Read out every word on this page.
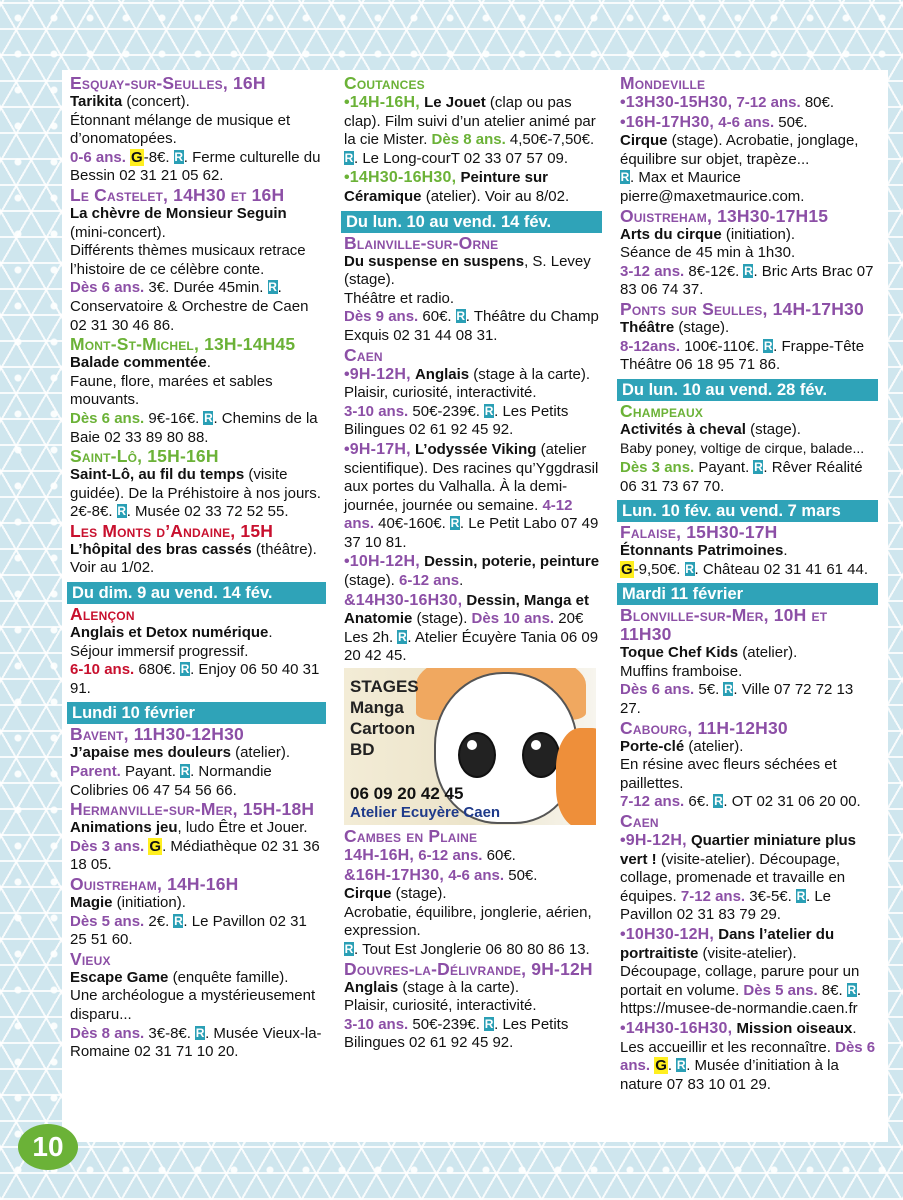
Esquay-sur-Seulles, 16H
Tarikita (concert).
Étonnant mélange de musique et d’onomatopées.
0-6 ans. G-8€. R. Ferme culturelle du Bessin 02 31 21 05 62.
Le Castelet, 14H30 et 16H
La chèvre de Monsieur Seguin (mini-concert).
Différents thèmes musicaux retrace l’histoire de ce célèbre conte.
Dès 6 ans. 3€. Durée 45min. R. Conservatoire & Orchestre de Caen 02 31 30 46 86.
Mont-St-Michel, 13H-14H45
Balade commentée.
Faune, flore, marées et sables mouvants.
Dès 6 ans. 9€-16€. R. Chemins de la Baie 02 33 89 80 88.
Saint-Lô, 15H-16H
Saint-Lô, au fil du temps (visite guidée). De la Préhistoire à nos jours. 2€-8€. R. Musée 02 33 72 52 55.
Les Monts d’Andaine, 15H
L’hôpital des bras cassés (théâtre). Voir au 1/02.
Du dim. 9 au vend. 14 fév.
Alençon
Anglais et Detox numérique.
Séjour immersif progressif.
6-10 ans. 680€. R. Enjoy 06 50 40 31 91.
Lundi 10 février
Bavent, 11H30-12H30
J’apaise mes douleurs (atelier).
Parent. Payant. R. Normandie Colibries 06 47 54 56 66.
Hermanville-sur-Mer, 15H-18H
Animations jeu, ludo Être et Jouer.
Dès 3 ans. G. Médiathèque 02 31 36 18 05.
Ouistreham, 14H-16H
Magie (initiation).
Dès 5 ans. 2€. R. Le Pavillon 02 31 25 51 60.
Vieux
Escape Game (enquête famille).
Une archéologue a mystérieusement disparu...
Dès 8 ans. 3€-8€. R. Musée Vieux-la-Romaine 02 31 71 10 20.
Coutances
•14H-16H, Le Jouet (clap ou pas clap). Film suivi d’un atelier animé par la cie Mister. Dès 8 ans. 4,50€-7,50€. R. Le Long-courT 02 33 07 57 09.
•14H30-16H30, Peinture sur Céramique (atelier). Voir au 8/02.
Du lun. 10 au vend. 14 fév.
Blainville-sur-Orne
Du suspense en suspens, S. Levey (stage).
Théâtre et radio.
Dès 9 ans. 60€. R. Théâtre du Champ Exquis 02 31 44 08 31.
Caen
•9H-12H, Anglais (stage à la carte). Plaisir, curiosité, interactivité.
3-10 ans. 50€-239€. R. Les Petits Bilingues 02 61 92 45 92.
•9H-17H, L’odyssée Viking (atelier scientifique). Des racines qu’Yggdrasil aux portes du Valhalla. À la demi-journée, journée ou semaine. 4-12 ans. 40€-160€. R. Le Petit Labo 07 49 37 10 81.
•10H-12H, Dessin, poterie, peinture (stage). 6-12 ans.
&14H30-16H30, Dessin, Manga et Anatomie (stage). Dès 10 ans. 20€ Les 2h. R. Atelier Écuyère Tania 06 09 20 42 45.
STAGES
Manga
Cartoon
BD
06 09 20 42 45
Atelier Ecuyère Caen
Cambes en Plaine
14H-16H, 6-12 ans. 60€.
&16H-17H30, 4-6 ans. 50€.
Cirque (stage).
Acrobatie, équilibre, jonglerie, aérien, expression.
R. Tout Est Jonglerie 06 80 80 86 13.
Douvres-la-Délivrande, 9H-12H
Anglais (stage à la carte).
Plaisir, curiosité, interactivité.
3-10 ans. 50€-239€. R. Les Petits Bilingues 02 61 92 45 92.
Mondeville
•13H30-15H30, 7-12 ans. 80€.
•16H-17H30, 4-6 ans. 50€.
Cirque (stage). Acrobatie, jonglage, équilibre sur objet, trapèze...
R. Max et Maurice
pierre@maxetmaurice.com.
Ouistreham, 13H30-17H15
Arts du cirque (initiation).
Séance de 45 min à 1h30.
3-12 ans. 8€-12€. R. Bric Arts Brac 07 83 06 74 37.
Ponts sur Seulles, 14H-17H30
Théâtre (stage).
8-12ans. 100€-110€. R. Frappe-Tête Théâtre 06 18 95 71 86.
Du lun. 10 au vend. 28 fév.
Champeaux
Activités à cheval (stage).
Baby poney, voltige de cirque, balade...
Dès 3 ans. Payant. R. Rêver Réalité 06 31 73 67 70.
Lun. 10 fév. au vend. 7 mars
Falaise, 15H30-17H
Étonnants Patrimoines.
G-9,50€. R. Château 02 31 41 61 44.
Mardi 11 février
Blonville-sur-Mer, 10H et 11H30
Toque Chef Kids (atelier).
Muffins framboise.
Dès 6 ans. 5€. R. Ville 07 72 72 13 27.
Cabourg, 11H-12H30
Porte-clé (atelier).
En résine avec fleurs séchées et paillettes.
7-12 ans. 6€. R. OT 02 31 06 20 00.
Caen
•9H-12H, Quartier miniature plus vert ! (visite-atelier). Découpage, collage, promenade et travaille en équipes. 7-12 ans. 3€-5€. R. Le Pavillon 02 31 83 79 29.
•10H30-12H, Dans l’atelier du portraitiste (visite-atelier). Découpage, collage, parure pour un portait en volume. Dès 5 ans. 8€. R.
https://musee-de-normandie.caen.fr
•14H30-16H30, Mission oiseaux. Les accueillir et les reconnaître. Dès 6 ans. G. R. Musée d’initiation à la nature 07 83 10 01 29.
10
